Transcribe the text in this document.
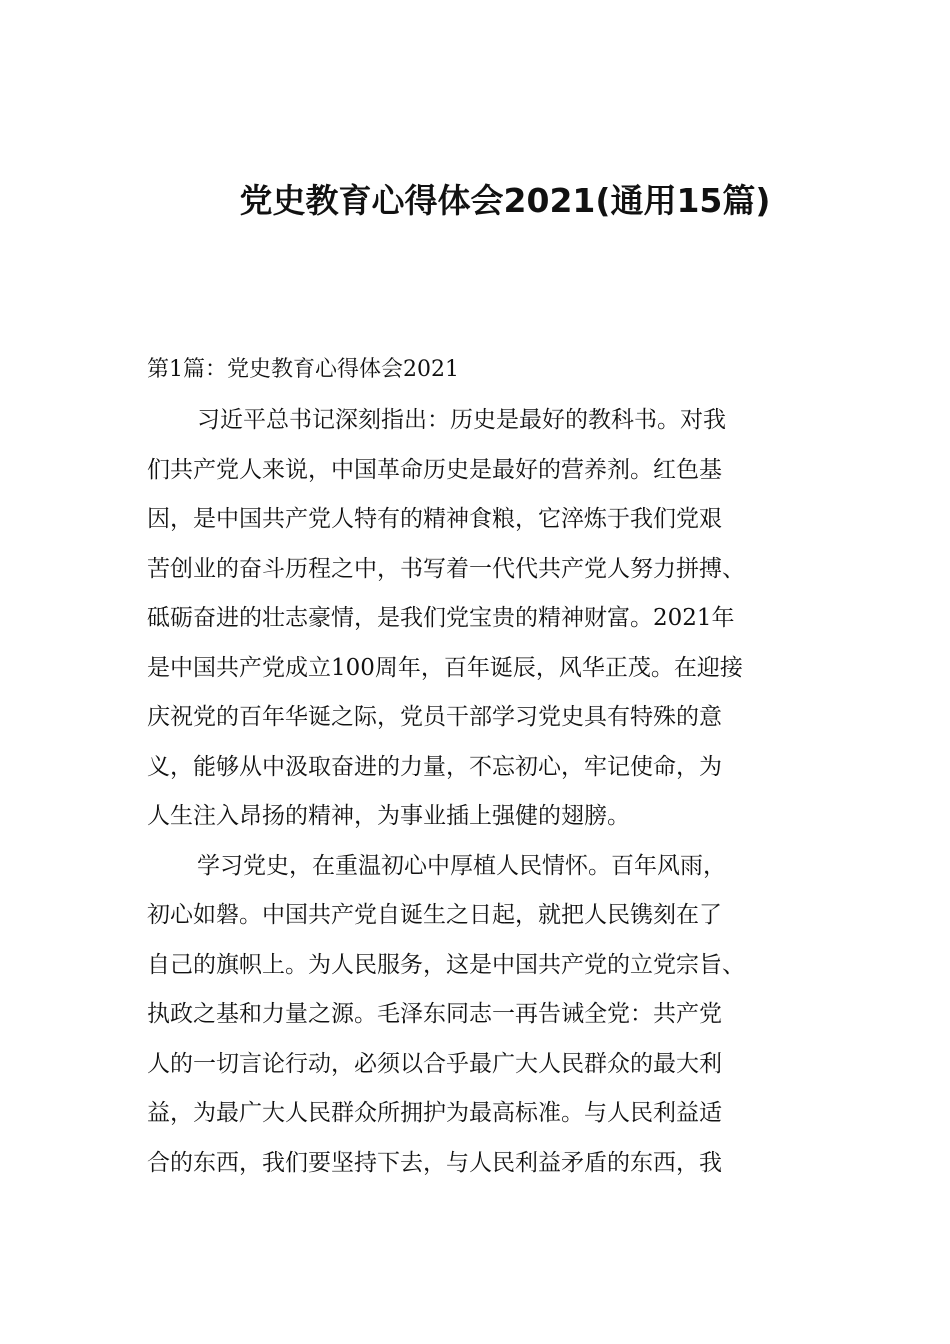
党史教育心得体会2021(通用15篇)
第1篇：党史教育心得体会2021
习近平总书记深刻指出：历史是最好的教科书。对我
们共产党人来说，中国革命历史是最好的营养剂。红色基
因，是中国共产党人特有的精神食粮，它淬炼于我们党艰
苦创业的奋斗历程之中，书写着一代代共产党人努力拼搏、
砥砺奋进的壮志豪情，是我们党宝贵的精神财富。2021年
是中国共产党成立100周年，百年诞辰，风华正茂。在迎接
庆祝党的百年华诞之际，党员干部学习党史具有特殊的意
义，能够从中汲取奋进的力量，不忘初心，牢记使命，为
人生注入昂扬的精神，为事业插上强健的翅膀。
学习党史，在重温初心中厚植人民情怀。百年风雨，
初心如磐。中国共产党自诞生之日起，就把人民镌刻在了
自己的旗帜上。为人民服务，这是中国共产党的立党宗旨、
执政之基和力量之源。毛泽东同志一再告诫全党：共产党
人的一切言论行动，必须以合乎最广大人民群众的最大利
益，为最广大人民群众所拥护为最高标准。与人民利益适
合的东西，我们要坚持下去，与人民利益矛盾的东西，我
